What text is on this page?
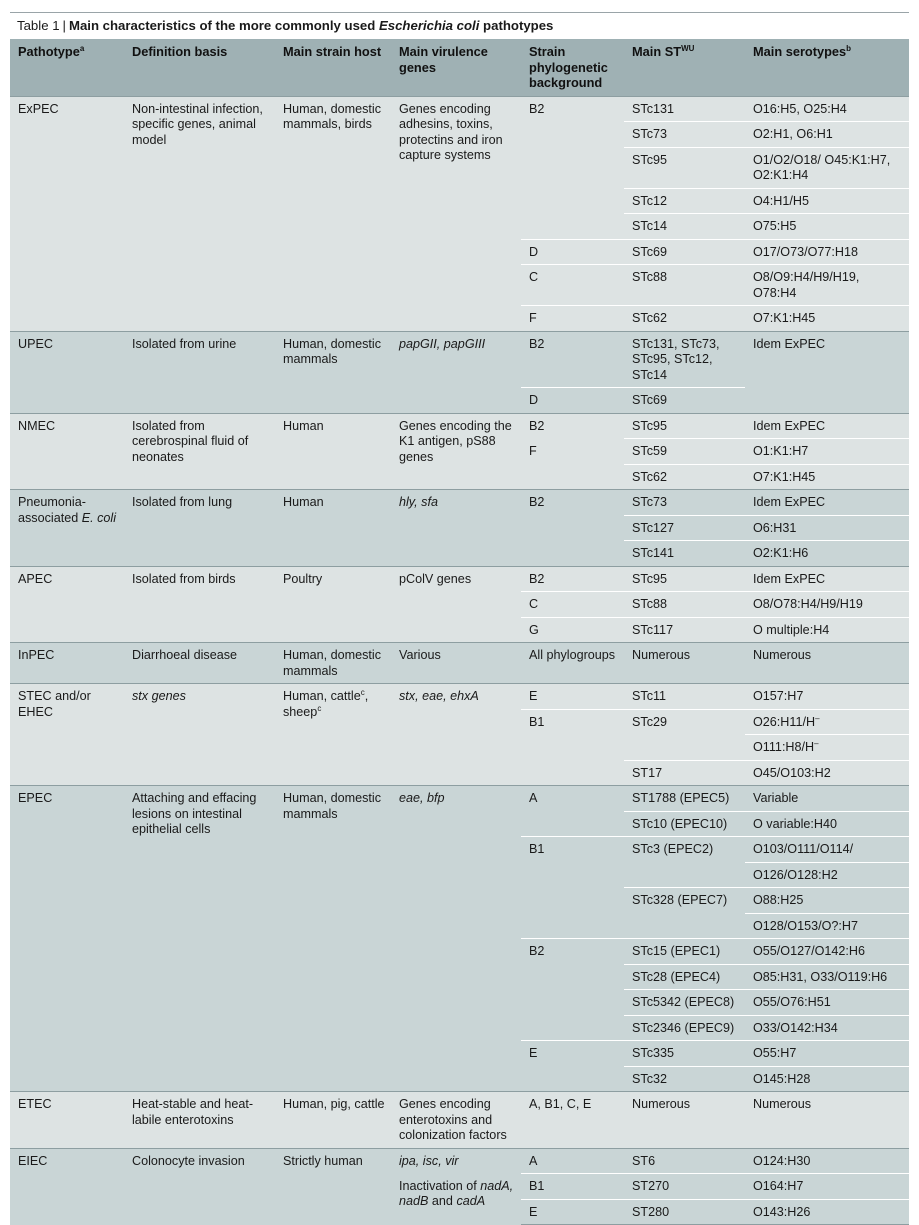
Table 1 | Main characteristics of the more commonly used Escherichia coli pathotypes
Pathotype$^a$	Definition basis	Main strain host	Main virulence genes	Strain phylogenetic background	Main $ST^{WU}$	Main serotypes$^b$
ExPEC	Non-intestinal infection, specific genes, animal model	Human, domestic mammals, birds	Genes encoding adhesins, toxins, protectins and iron capture systems	B2	STc131	O16:H5, O25:H4
					STc73	O2:H1, O6:H1
					STc95	O1/O2/O18/ O45:K1:H7, O2:K1:H4
					STc12	O4:H1/H5
					STc14	O75:H5
				D	STc69	O17/O73/O77:H18
				C	STc88	O8/O9:H4/H9/H19, O78:H4
				F	STc62	O7:K1:H45
UPEC	Isolated from urine	Human, domestic mammals	papGII, papGIII	B2	STc131, STc73, STc95, STc12, STc14	Idem ExPEC
				D	STc69	
NMEC	Isolated from cerebrospinal fluid of neonates	Human	Genes encoding the K1 antigen, pS88 genes	B2	STc95	Idem ExPEC
				F	STc59	O1:K1:H7
					STc62	O7:K1:H45
Pneumonia-associated E. coli	Isolated from lung	Human	hly, sfa	B2	STc73	Idem ExPEC
					STc127	O6:H31
					STc141	O2:K1:H6
APEC	Isolated from birds	Poultry	pColV genes	B2	STc95	Idem ExPEC
				C	STc88	O8/O78:H4/H9/H19
				G	STc117	O multiple:H4
InPEC	Diarrhoeal disease	Human, domestic mammals	Various	All phylogroups	Numerous	Numerous
STEC and/or EHEC	stx genes	Human, cattle$^c$, sheep$^c$	stx, eae, ehxA	E	STc11	O157:H7
				B1	STc29	O26:H11/H–
						O111:H8/H–
					ST17	O45/O103:H2
EPEC	Attaching and effacing lesions on intestinal epithelial cells	Human, domestic mammals	eae, bfp	A	ST1788 (EPEC5)	Variable
					STc10 (EPEC10)	O variable:H40
				B1	STc3 (EPEC2)	O103/O111/O114/
						O126/O128:H2
					STc328 (EPEC7)	O88:H25
						O128/O153/O?:H7
				B2	STc15 (EPEC1)	O55/O127/O142:H6
					STc28 (EPEC4)	O85:H31, O33/O119:H6
					STc5342 (EPEC8)	O55/O76:H51
					STc2346 (EPEC9)	O33/O142:H34
				E	STc335	O55:H7
					STc32	O145:H28
ETEC	Heat-stable and heat-labile enterotoxins	Human, pig, cattle	Genes encoding enterotoxins and colonization factors	A, B1, C, E	Numerous	Numerous
EIEC	Colonocyte invasion	Strictly human	ipa, isc, vir	A	ST6	O124:H30
			Inactivation of nadA, nadB and cadA	B1	ST270	O164:H7
				E	ST280	O143:H26
